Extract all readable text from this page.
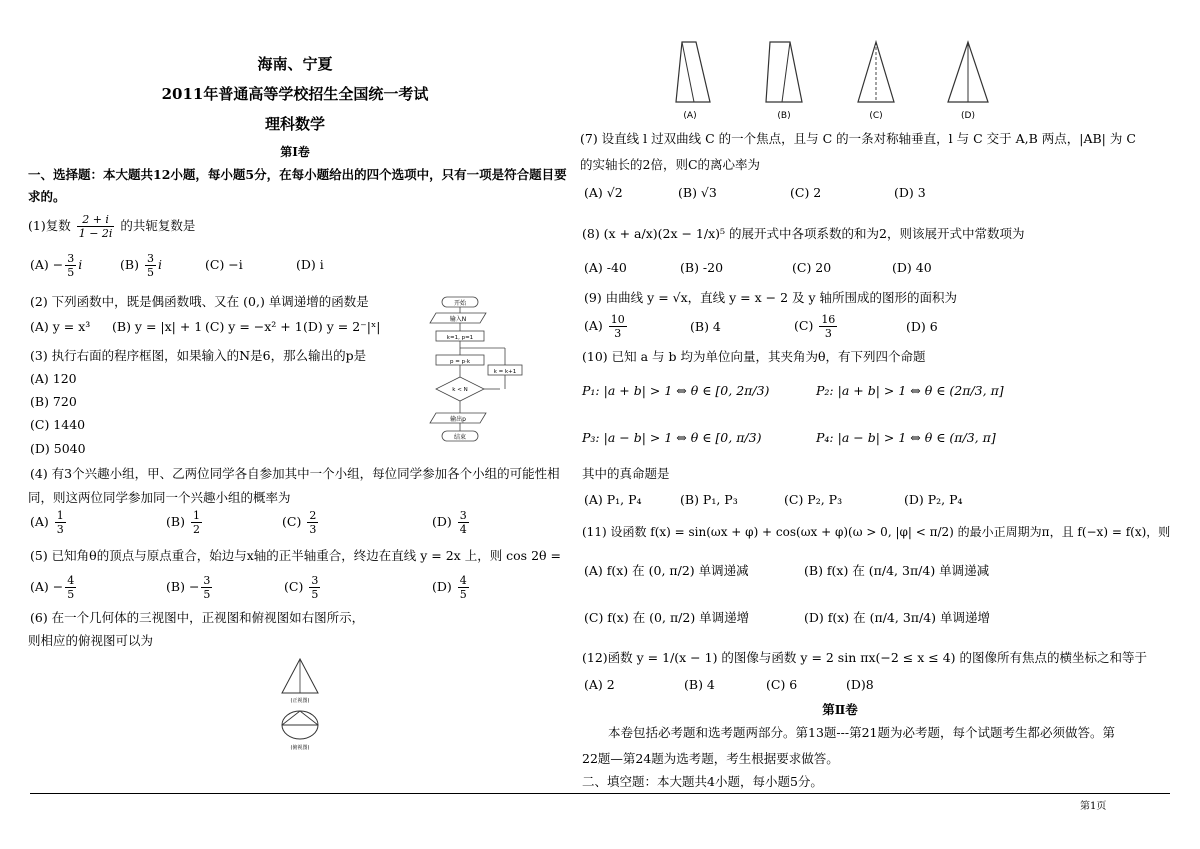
海南、宁夏
2011年普通高等学校招生全国统一考试
理科数学
第Ⅰ卷
一、选择题：本大题共12小题，每小题5分，在每小题给出的四个选项中，只有一项是符合题目要
求的。
(1)复数 $\frac{2 + i}{1 - 2i}$ 的共轭复数是
$(A) - \frac{3}{5}$ i	$(B) \frac{3}{5}$ i	(C) −i	(D) i
(2) 下列函数中，既是偶函数哦、又在 (0,) 单调递增的函数是
(A) y = x³ (B) y = |x| + 1 (C) y = −x² + 1 (D) y = 2⁻|ˣ|
(3) 执行右面的程序框图，如果输入的N是6，那么输出的p是
(A) 120
(B) 720
(C) 1440
(D) 5040
开始
输入N
k=1, p=1
p = p·k
k < N
k = k+1
输出p
结束
(4) 有3个兴趣小组，甲、乙两位同学各自参加其中一个小组，每位同学参加各个小组的可能性相
同，则这两位同学参加同一个兴趣小组的概率为
$(A) \frac{1}{3}$	$(B) \frac{1}{2}$	$(C) \frac{2}{3}$	$(D) \frac{3}{4}$
(5) 已知角θ的顶点与原点重合，始边与x轴的正半轴重合，终边在直线 y = 2x 上，则 cos 2θ =
$(A) - \frac{4}{5}$	$(B) - \frac{3}{5}$	$(C) \frac{3}{5}$	$(D) \frac{4}{5}$
(6) 在一个几何体的三视图中，正视图和俯视图如右图所示，
则相应的俯视图可以为
(正视图)
(俯视图)
(A)	(B)	(C)	(D)
(7) 设直线 l 过双曲线 C 的一个焦点，且与 C 的一条对称轴垂直，l 与 C 交于 A,B 两点，|AB| 为 C
的实轴长的2倍，则C的离心率为
(A) √2	(B) √3	(C) 2	(D) 3
(8) (x + a/x)(2x − 1/x)⁵ 的展开式中各项系数的和为2，则该展开式中常数项为
(A) -40	(B) -20	(C) 20	(D) 40
(9) 由曲线 y = √x，直线 y = x − 2 及 y 轴所围成的图形的面积为
$(A) \frac{10}{3}$	(B) 4	$(C) \frac{16}{3}$	(D) 6
(10) 已知 a 与 b 均为单位向量，其夹角为θ，有下列四个命题
P₁: |a + b| > 1 ⇔ θ ∈ [0, 2π/3)	P₂: |a + b| > 1 ⇔ θ ∈ (2π/3, π]
P₃: |a − b| > 1 ⇔ θ ∈ [0, π/3)	P₄: |a − b| > 1 ⇔ θ ∈ (π/3, π]
其中的真命题是
(A) P₁, P₄	(B) P₁, P₃	(C) P₂, P₃	(D) P₂, P₄
(11) 设函数 f(x) = sin(ωx + φ) + cos(ωx + φ)(ω > 0, |φ| < π/2) 的最小正周期为π，且 f(−x) = f(x)，则
(A) f(x) 在 (0, π/2) 单调递减	(B) f(x) 在 (π/4, 3π/4) 单调递减
(C) f(x) 在 (0, π/2) 单调递增	(D) f(x) 在 (π/4, 3π/4) 单调递增
(12)函数 y = 1/(x − 1) 的图像与函数 y = 2 sin πx(−2 ≤ x ≤ 4) 的图像所有焦点的横坐标之和等于
(A) 2	(B) 4	(C) 6	(D)8
第Ⅱ卷
本卷包括必考题和选考题两部分。第13题---第21题为必考题，每个试题考生都必须做答。第
22题—第24题为选考题，考生根据要求做答。
二、填空题：本大题共4小题，每小题5分。
第1页
